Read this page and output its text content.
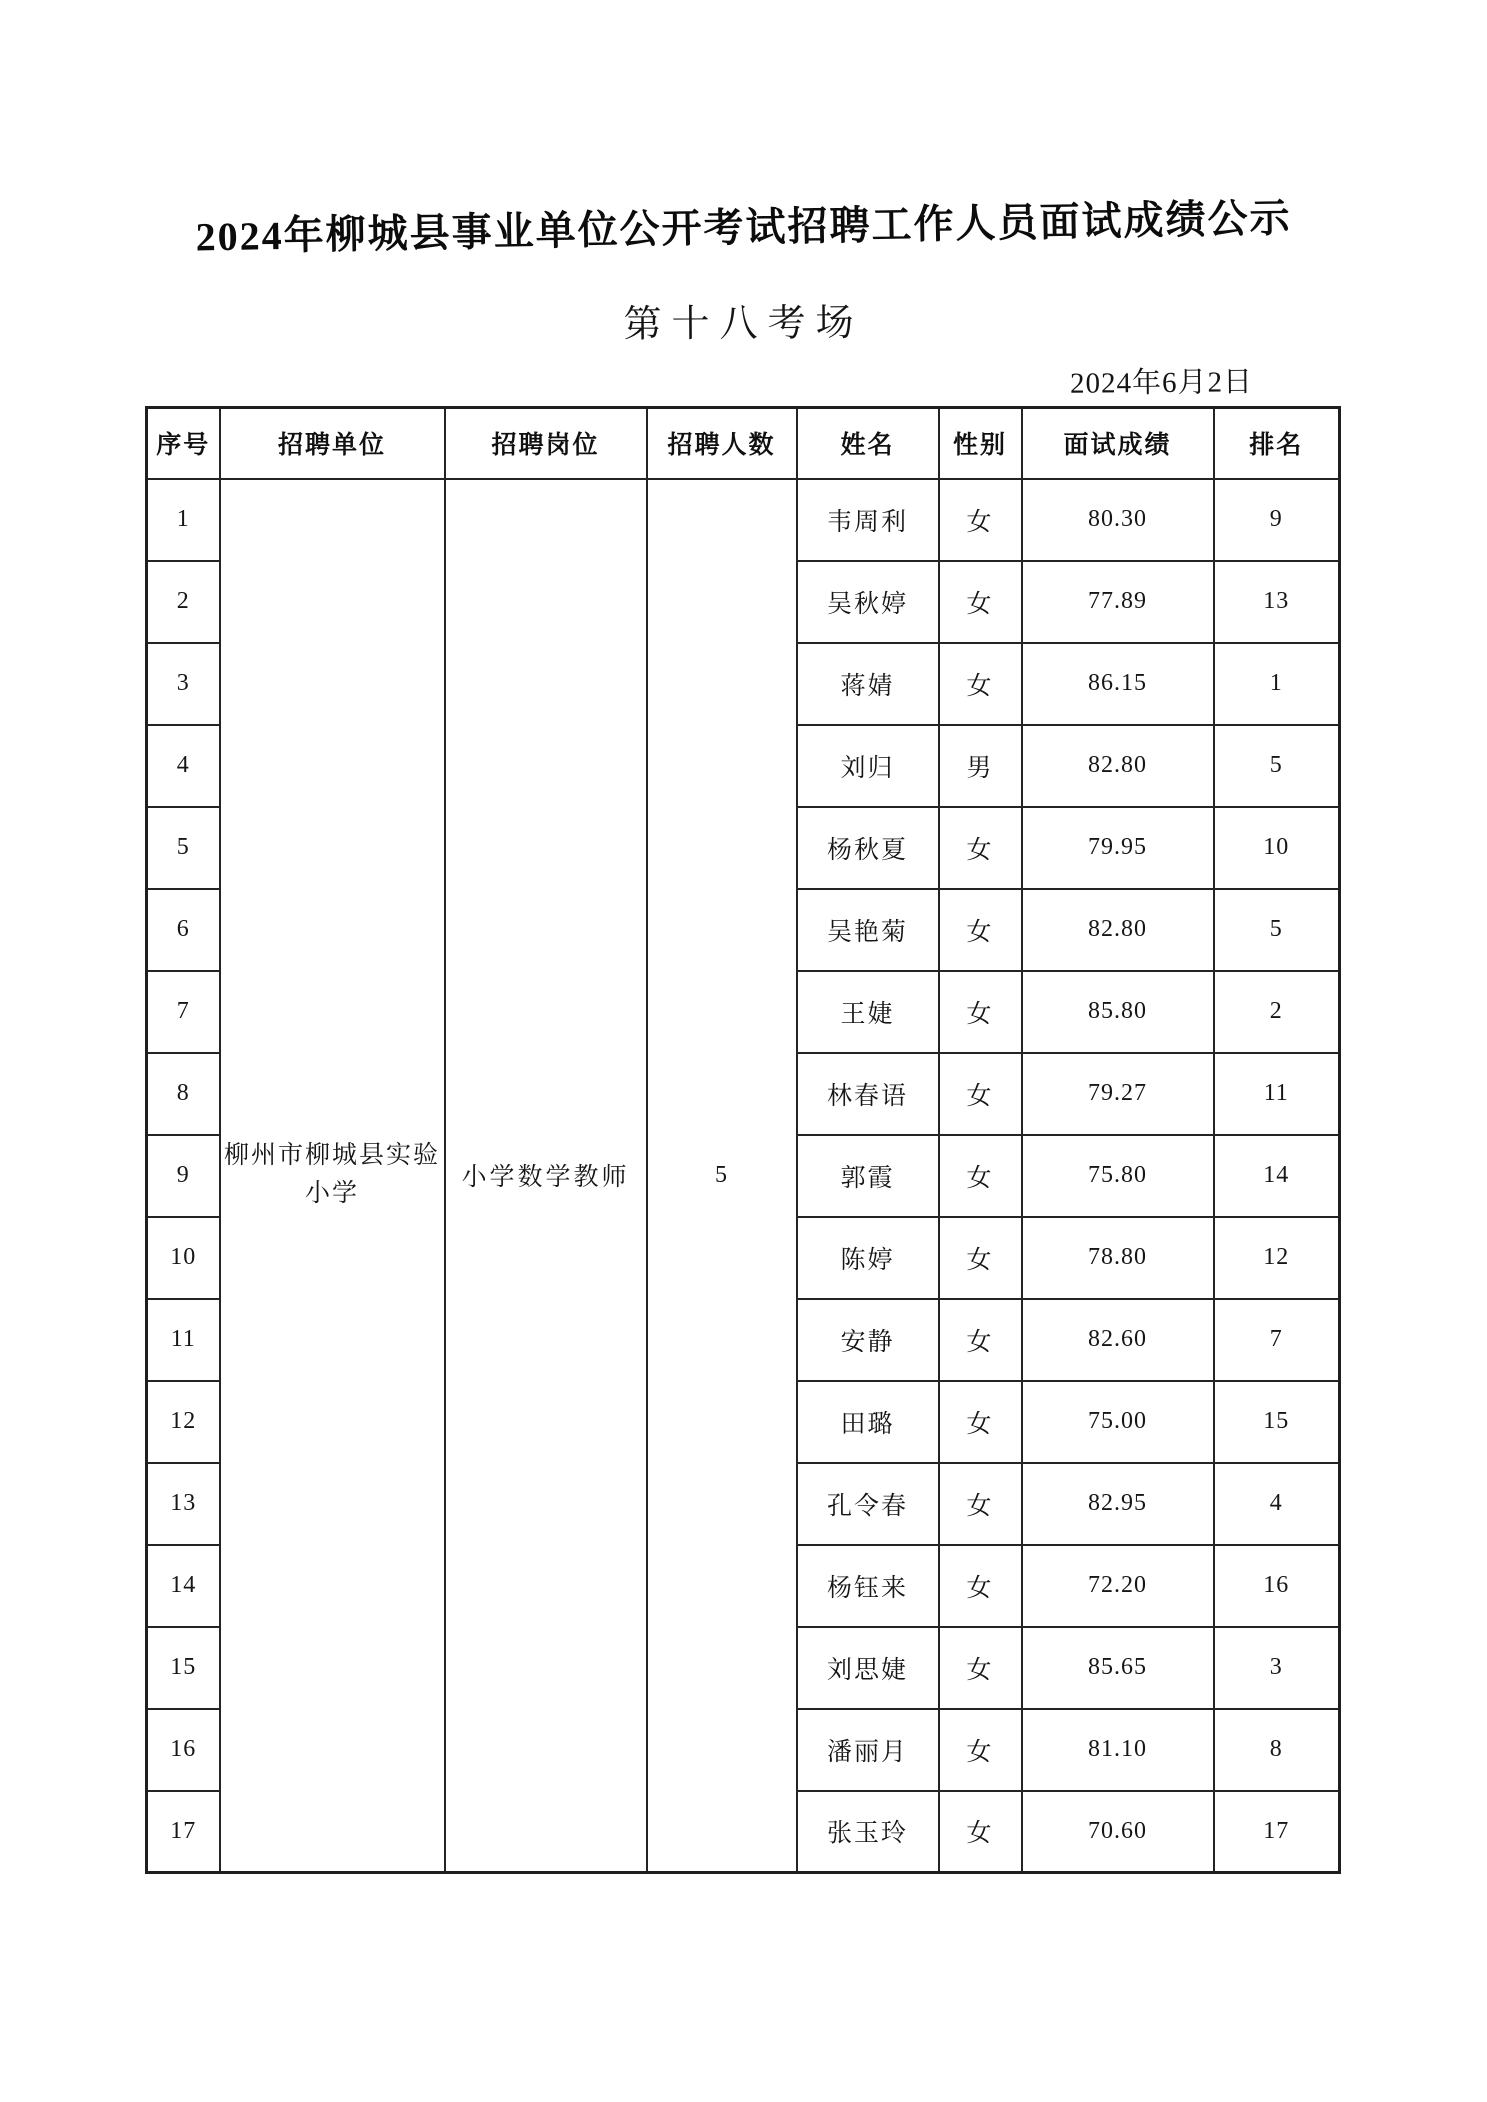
2024年柳城县事业单位公开考试招聘工作人员面试成绩公示
第十八考场
2024年6月2日
序号	招聘单位	招聘岗位	招聘人数	姓名	性别	面试成绩	排名
1	柳州市柳城县实验小学	小学数学教师	5	韦周利	女	80.30	9
2				吴秋婷	女	77.89	13
3				蒋婧	女	86.15	1
4				刘归	男	82.80	5
5				杨秋夏	女	79.95	10
6				吴艳菊	女	82.80	5
7				王婕	女	85.80	2
8				林春语	女	79.27	11
9				郭霞	女	75.80	14
10				陈婷	女	78.80	12
11				安静	女	82.60	7
12				田璐	女	75.00	15
13				孔令春	女	82.95	4
14				杨钰来	女	72.20	16
15				刘思婕	女	85.65	3
16				潘丽月	女	81.10	8
17				张玉玲	女	70.60	17
